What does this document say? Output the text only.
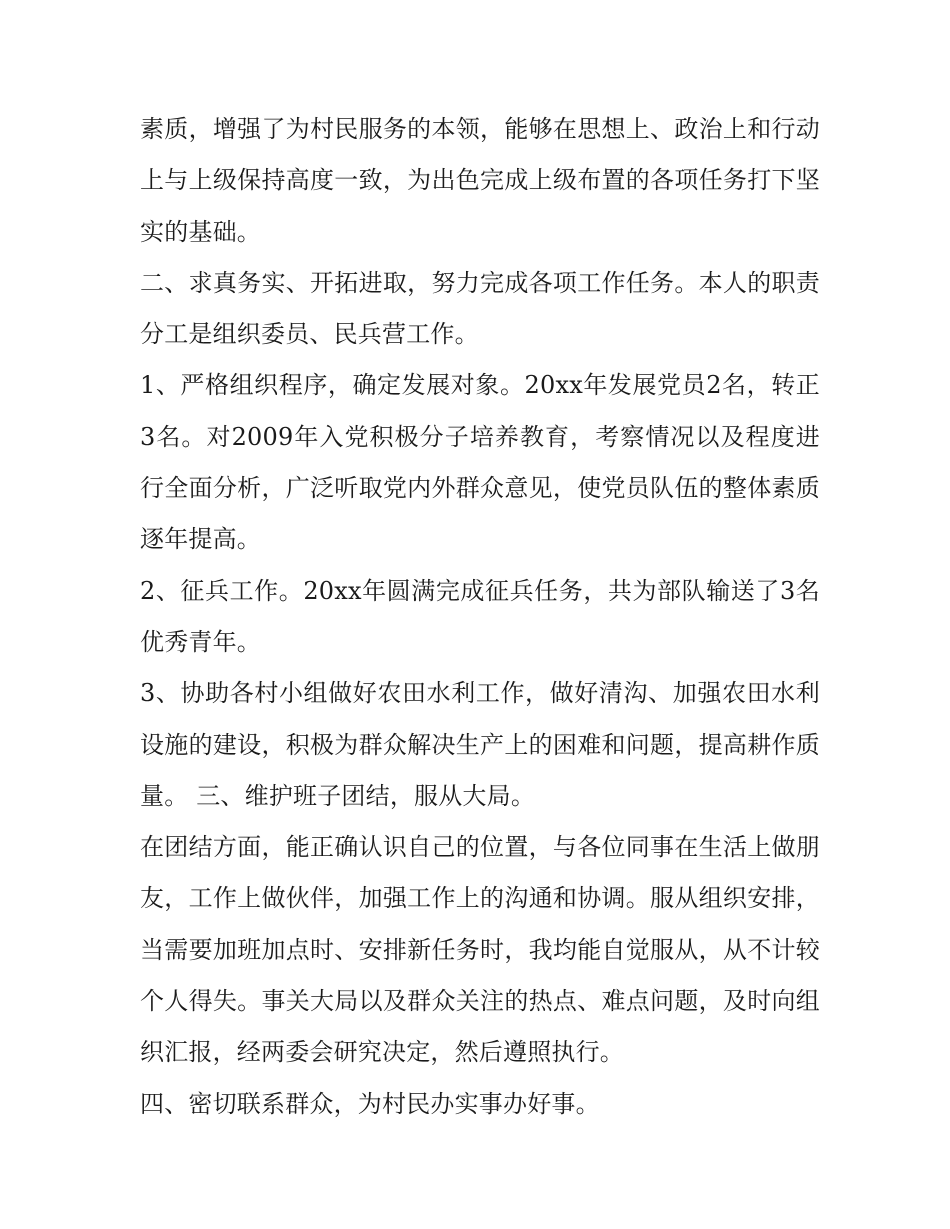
素质，增强了为村民服务的本领，能够在思想上、政治上和行动上与上级保持高度一致，为出色完成上级布置的各项任务打下坚实的基础。

二、求真务实、开拓进取，努力完成各项工作任务。本人的职责分工是组织委员、民兵营工作。

1、严格组织程序，确定发展对象。20xx年发展党员2名，转正3名。对2009年入党积极分子培养教育，考察情况以及程度进行全面分析，广泛听取党内外群众意见，使党员队伍的整体素质逐年提高。

2、征兵工作。20xx年圆满完成征兵任务，共为部队输送了3名优秀青年。

3、协助各村小组做好农田水利工作，做好清沟、加强农田水利设施的建设，积极为群众解决生产上的困难和问题，提高耕作质量。 三、维护班子团结，服从大局。

在团结方面，能正确认识自己的位置，与各位同事在生活上做朋友，工作上做伙伴，加强工作上的沟通和协调。服从组织安排，当需要加班加点时、安排新任务时，我均能自觉服从，从不计较个人得失。事关大局以及群众关注的热点、难点问题，及时向组织汇报，经两委会研究决定，然后遵照执行。

四、密切联系群众，为村民办实事办好事。
